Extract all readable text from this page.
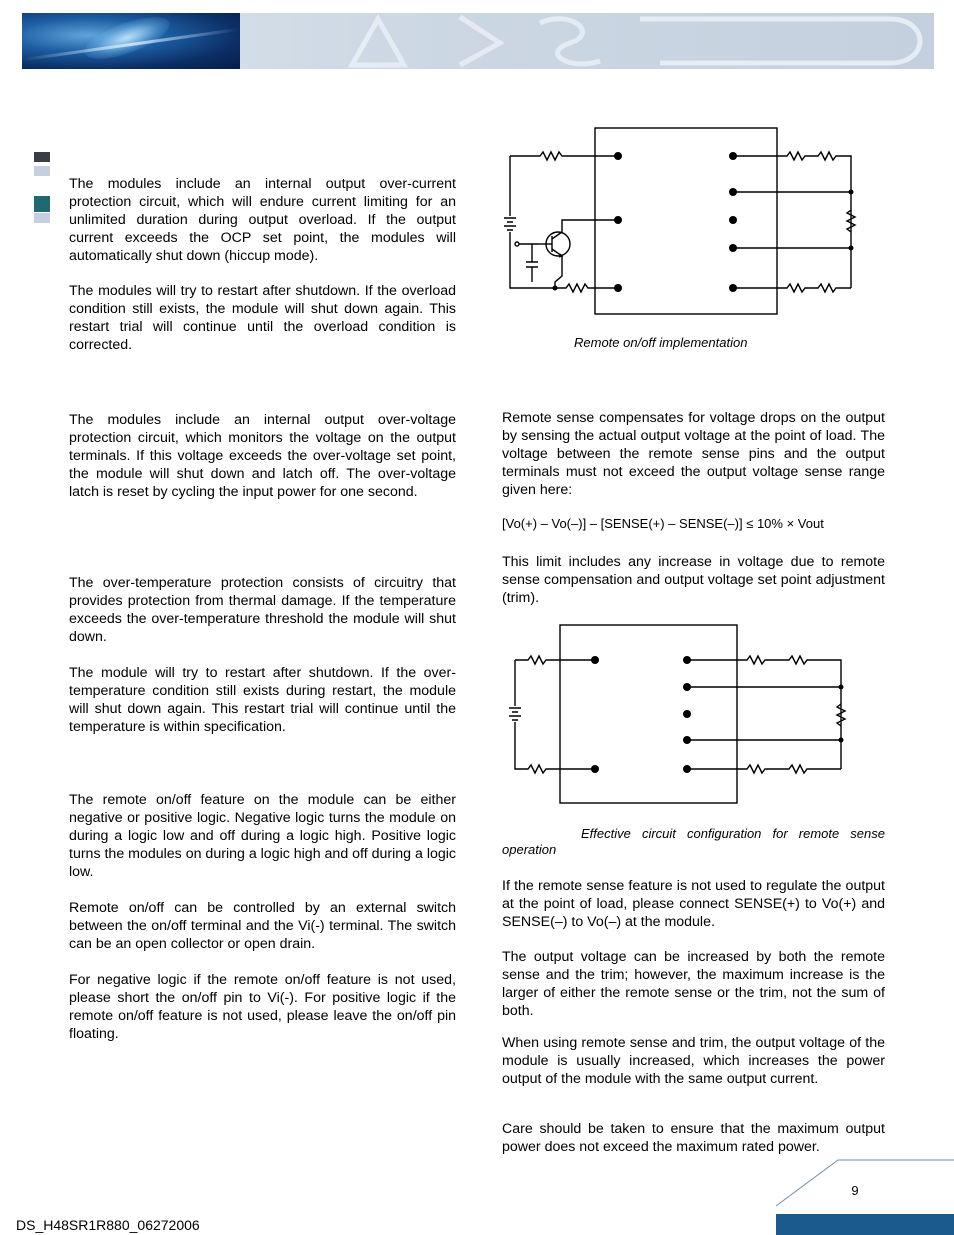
The modules include an internal output over-current protection circuit, which will endure current limiting for an unlimited duration during output overload. If the output current exceeds the OCP set point, the modules will automatically shut down (hiccup mode).

The modules will try to restart after shutdown. If the overload condition still exists, the module will shut down again. This restart trial will continue until the overload condition is corrected.

The modules include an internal output over-voltage protection circuit, which monitors the voltage on the output terminals. If this voltage exceeds the over-voltage set point, the module will shut down and latch off. The over-voltage latch is reset by cycling the input power for one second.

The over-temperature protection consists of circuitry that provides protection from thermal damage. If the temperature exceeds the over-temperature threshold the module will shut down.

The module will try to restart after shutdown. If the over-temperature condition still exists during restart, the module will shut down again. This restart trial will continue until the temperature is within specification.

The remote on/off feature on the module can be either negative or positive logic. Negative logic turns the module on during a logic low and off during a logic high. Positive logic turns the modules on during a logic high and off during a logic low.

Remote on/off can be controlled by an external switch between the on/off terminal and the Vi(-) terminal. The switch can be an open collector or open drain.

For negative logic if the remote on/off feature is not used, please short the on/off pin to Vi(-). For positive logic if the remote on/off feature is not used, please leave the on/off pin floating.

Remote on/off implementation

Remote sense compensates for voltage drops on the output by sensing the actual output voltage at the point of load. The voltage between the remote sense pins and the output terminals must not exceed the output voltage sense range given here:

[Vo(+) – Vo(–)] – [SENSE(+) – SENSE(–)] ≤ 10% × Vout

This limit includes any increase in voltage due to remote sense compensation and output voltage set point adjustment (trim).

Effective circuit configuration for remote sense operation

If the remote sense feature is not used to regulate the output at the point of load, please connect SENSE(+) to Vo(+) and SENSE(–) to Vo(–) at the module.

The output voltage can be increased by both the remote sense and the trim; however, the maximum increase is the larger of either the remote sense or the trim, not the sum of both.

When using remote sense and trim, the output voltage of the module is usually increased, which increases the power output of the module with the same output current.

Care should be taken to ensure that the maximum output power does not exceed the maximum rated power.

9
DS_H48SR1R880_06272006
